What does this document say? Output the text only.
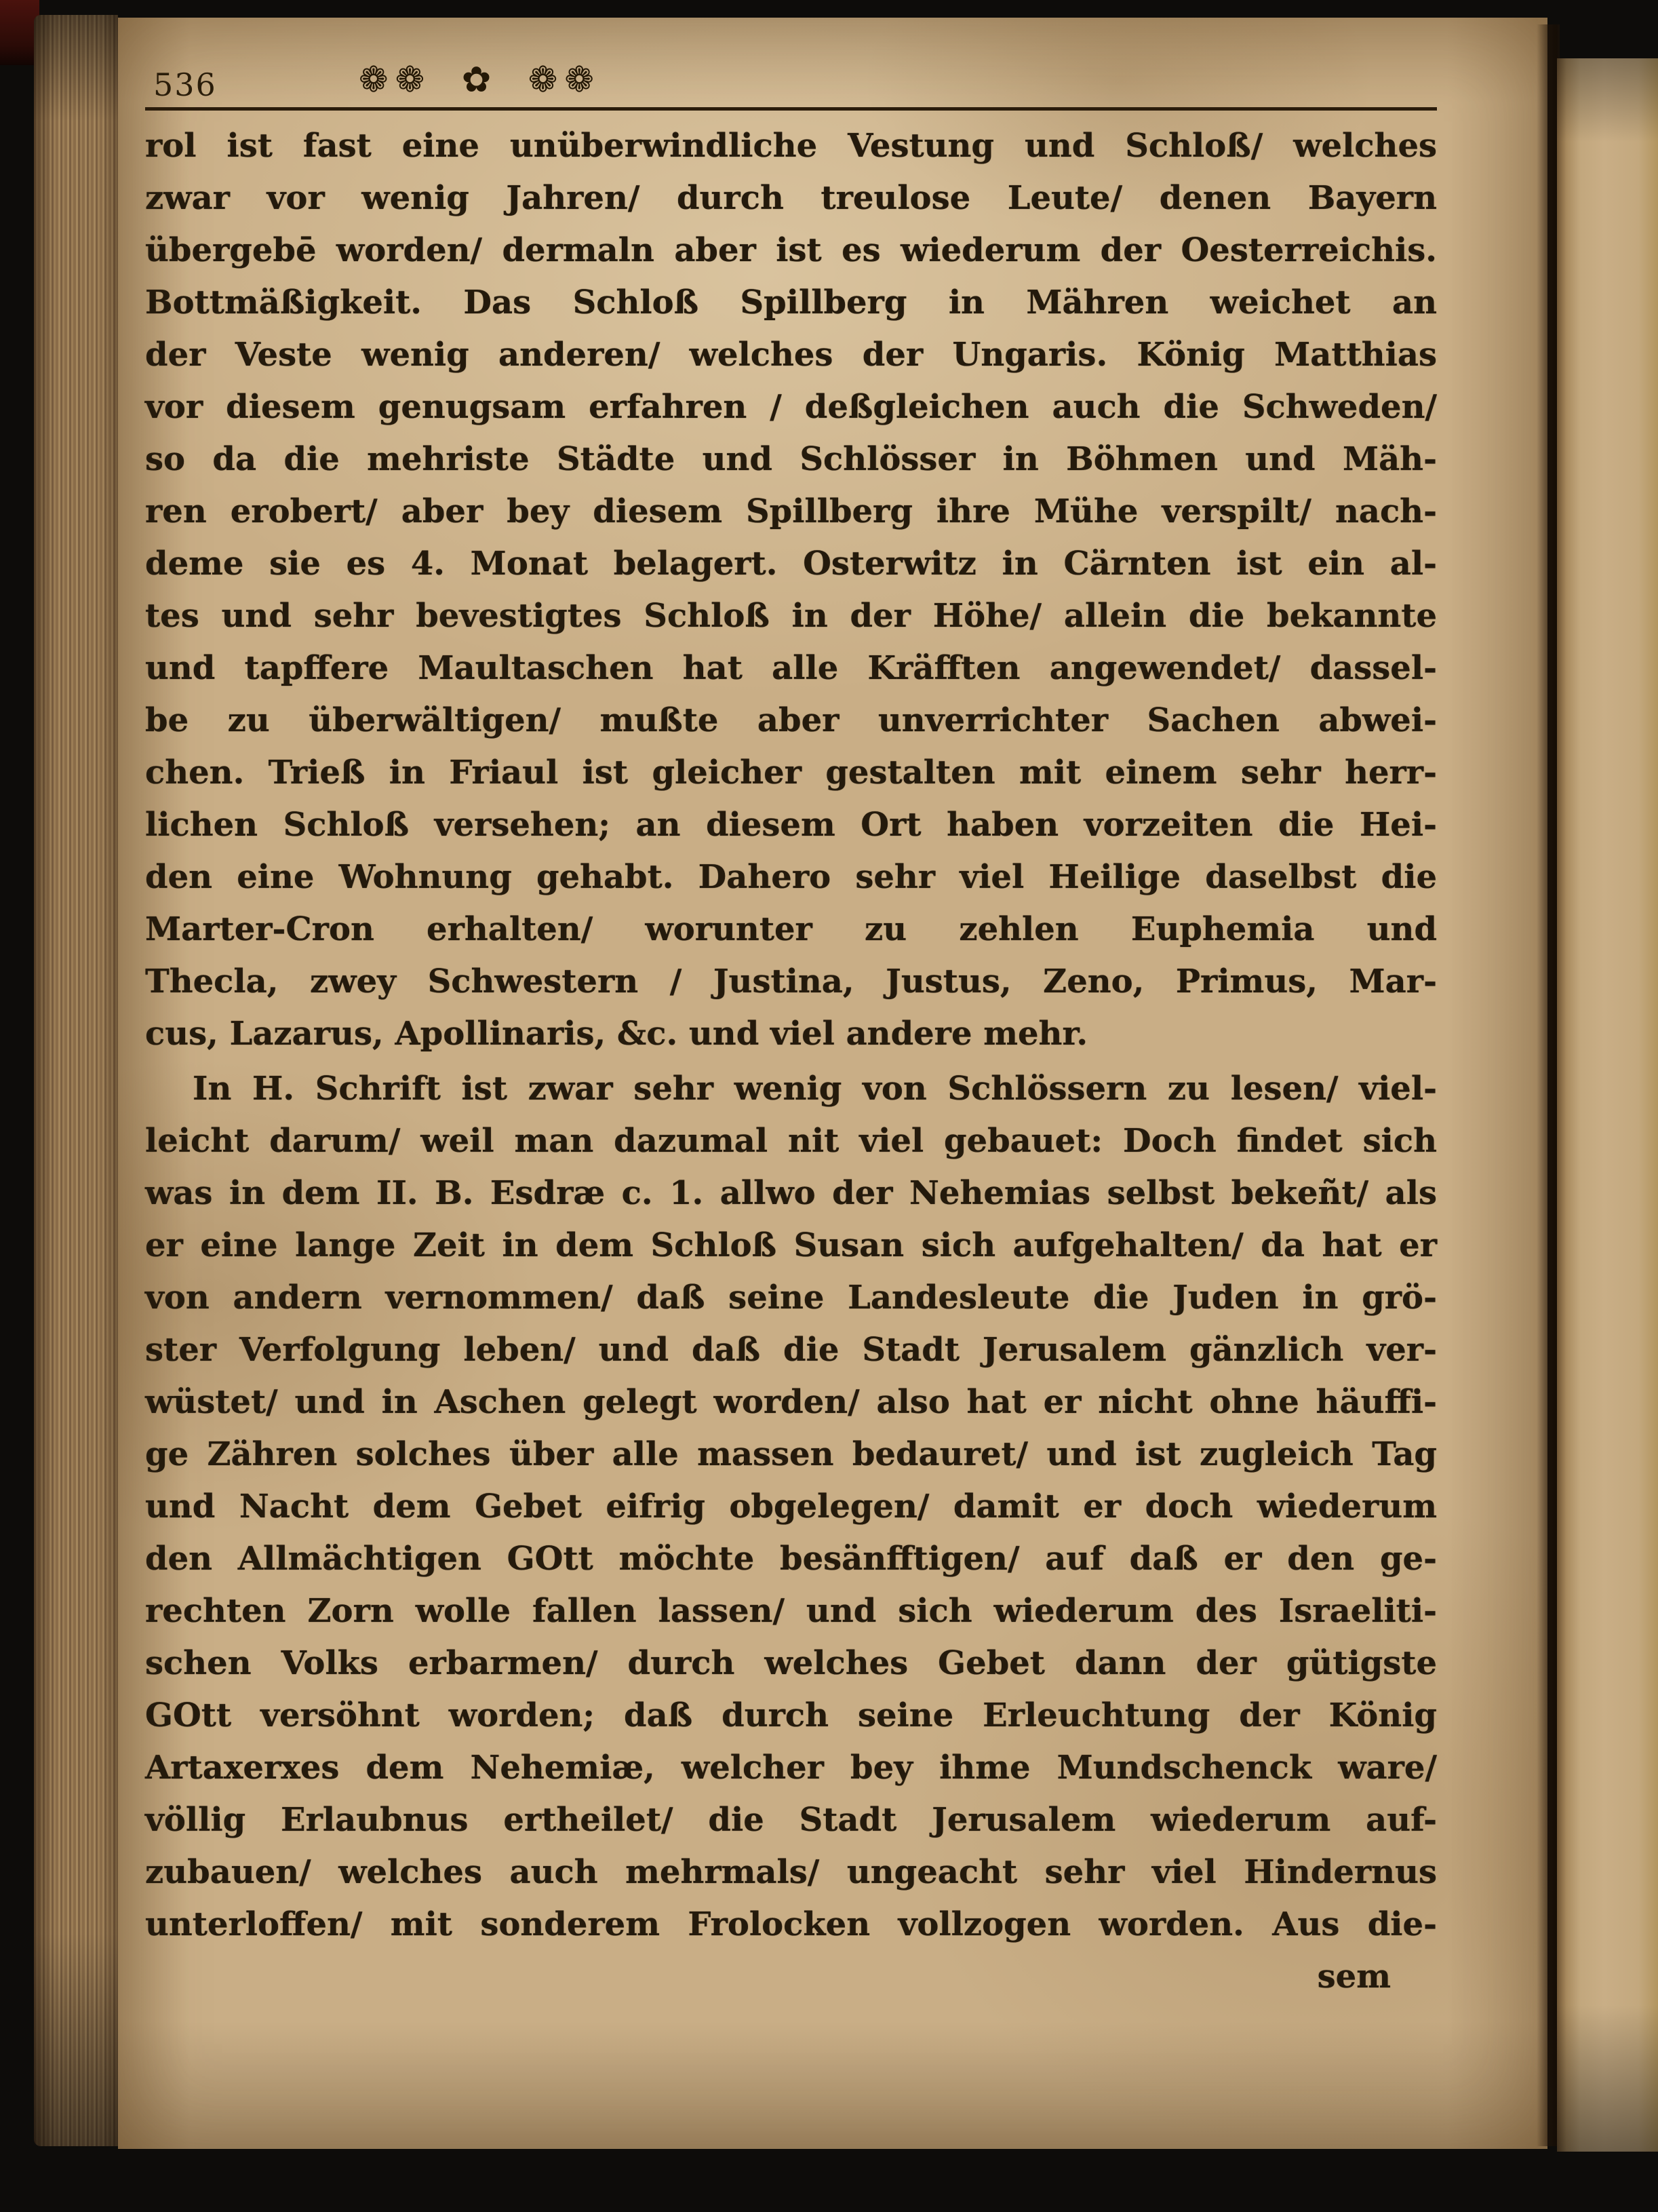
536	❁❁ ✿ ❁❁
rol ist fast eine unüberwindliche Vestung und Schloß/ welches
zwar vor wenig Jahren/ durch treulose Leute/ denen Bayern
übergebē worden/ dermaln aber ist es wiederum der Oesterreichis.
Bottmäßigkeit. Das Schloß Spillberg in Mähren weichet an
der Veste wenig anderen/ welches der Ungaris. König Matthias
vor diesem genugsam erfahren / deßgleichen auch die Schweden/
so da die mehriste Städte und Schlösser in Böhmen und Mäh-
ren erobert/ aber bey diesem Spillberg ihre Mühe verspilt/ nach-
deme sie es 4. Monat belagert. Osterwitz in Cärnten ist ein al-
tes und sehr bevestigtes Schloß in der Höhe/ allein die bekannte
und tapffere Maultaschen hat alle Kräfften angewendet/ dassel-
be zu überwältigen/ mußte aber unverrichter Sachen abwei-
chen. Trieß in Friaul ist gleicher gestalten mit einem sehr herr-
lichen Schloß versehen; an diesem Ort haben vorzeiten die Hei-
den eine Wohnung gehabt. Dahero sehr viel Heilige daselbst die
Marter-Cron erhalten/ worunter zu zehlen Euphemia und
Thecla, zwey Schwestern / Justina, Justus, Zeno, Primus, Mar-
cus, Lazarus, Apollinaris, &c. und viel andere mehr.
In H. Schrift ist zwar sehr wenig von Schlössern zu lesen/ viel-
leicht darum/ weil man dazumal nit viel gebauet: Doch findet sich
was in dem II. B. Esdræ c. 1. allwo der Nehemias selbst bekeñt/ als
er eine lange Zeit in dem Schloß Susan sich aufgehalten/ da hat er
von andern vernommen/ daß seine Landesleute die Juden in grö-
ster Verfolgung leben/ und daß die Stadt Jerusalem gänzlich ver-
wüstet/ und in Aschen gelegt worden/ also hat er nicht ohne häuffi-
ge Zähren solches über alle massen bedauret/ und ist zugleich Tag
und Nacht dem Gebet eifrig obgelegen/ damit er doch wiederum
den Allmächtigen GOtt möchte besänfftigen/ auf daß er den ge-
rechten Zorn wolle fallen lassen/ und sich wiederum des Israeliti-
schen Volks erbarmen/ durch welches Gebet dann der gütigste
GOtt versöhnt worden; daß durch seine Erleuchtung der König
Artaxerxes dem Nehemiæ, welcher bey ihme Mundschenck ware/
völlig Erlaubnus ertheilet/ die Stadt Jerusalem wiederum auf-
zubauen/ welches auch mehrmals/ ungeacht sehr viel Hindernus
unterloffen/ mit sonderem Frolocken vollzogen worden. Aus die-
sem
